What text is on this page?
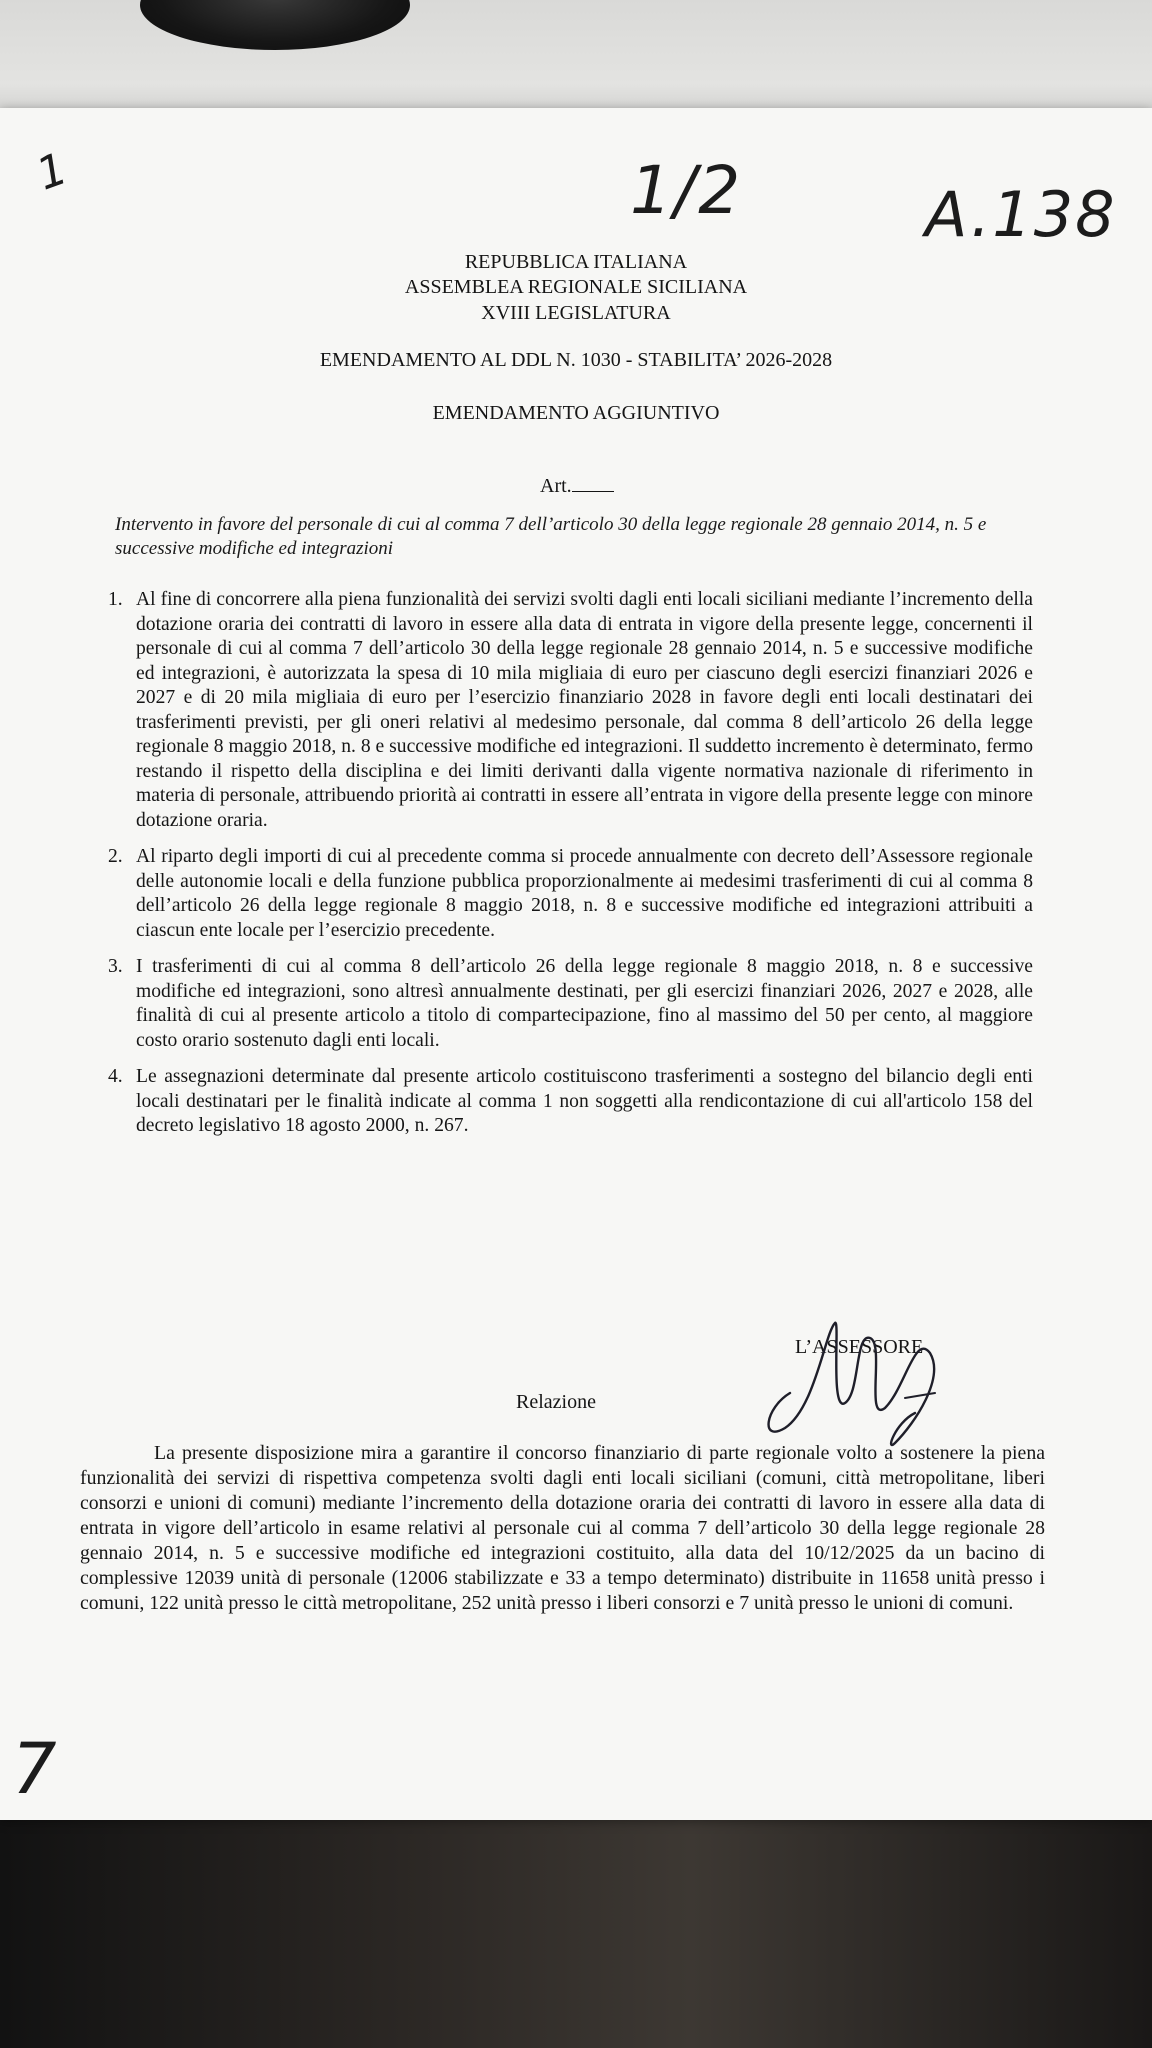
1	1/2	A.138
7
REPUBBLICA ITALIANA
ASSEMBLEA REGIONALE SICILIANA
XVIII LEGISLATURA
EMENDAMENTO AL DDL N. 1030 - STABILITA’ 2026-2028
EMENDAMENTO AGGIUNTIVO
Art.
Intervento in favore del personale di cui al comma 7 dell’articolo 30 della legge regionale 28 gennaio 2014, n. 5 e successive modifiche ed integrazioni
1. Al fine di concorrere alla piena funzionalità dei servizi svolti dagli enti locali siciliani mediante l’incremento della dotazione oraria dei contratti di lavoro in essere alla data di entrata in vigore della presente legge, concernenti il personale di cui al comma 7 dell’articolo 30 della legge regionale 28 gennaio 2014, n. 5 e successive modifiche ed integrazioni, è autorizzata la spesa di 10 mila migliaia di euro per ciascuno degli esercizi finanziari 2026 e 2027 e di 20 mila migliaia di euro per l’esercizio finanziario 2028 in favore degli enti locali destinatari dei trasferimenti previsti, per gli oneri relativi al medesimo personale, dal comma 8 dell’articolo 26 della legge regionale 8 maggio 2018, n. 8 e successive modifiche ed integrazioni. Il suddetto incremento è determinato, fermo restando il rispetto della disciplina e dei limiti derivanti dalla vigente normativa nazionale di riferimento in materia di personale, attribuendo priorità ai contratti in essere all’entrata in vigore della presente legge con minore dotazione oraria.
2. Al riparto degli importi di cui al precedente comma si procede annualmente con decreto dell’Assessore regionale delle autonomie locali e della funzione pubblica proporzionalmente ai medesimi trasferimenti di cui al comma 8 dell’articolo 26 della legge regionale 8 maggio 2018, n. 8 e successive modifiche ed integrazioni attribuiti a ciascun ente locale per l’esercizio precedente.
3. I trasferimenti di cui al comma 8 dell’articolo 26 della legge regionale 8 maggio 2018, n. 8 e successive modifiche ed integrazioni, sono altresì annualmente destinati, per gli esercizi finanziari 2026, 2027 e 2028, alle finalità di cui al presente articolo a titolo di compartecipazione, fino al massimo del 50 per cento, al maggiore costo orario sostenuto dagli enti locali.
4. Le assegnazioni determinate dal presente articolo costituiscono trasferimenti a sostegno del bilancio degli enti locali destinatari per le finalità indicate al comma 1 non soggetti alla rendicontazione di cui all'articolo 158 del decreto legislativo 18 agosto 2000, n. 267.
L’ASSESSORE
Relazione
La presente disposizione mira a garantire il concorso finanziario di parte regionale volto a sostenere la piena funzionalità dei servizi di rispettiva competenza svolti dagli enti locali siciliani (comuni, città metropolitane, liberi consorzi e unioni di comuni) mediante l’incremento della dotazione oraria dei contratti di lavoro in essere alla data di entrata in vigore dell’articolo in esame relativi al personale cui al comma 7 dell’articolo 30 della legge regionale 28 gennaio 2014, n. 5 e successive modifiche ed integrazioni costituito, alla data del 10/12/2025 da un bacino di complessive 12039 unità di personale (12006 stabilizzate e 33 a tempo determinato) distribuite in 11658 unità presso i comuni, 122 unità presso le città metropolitane, 252 unità presso i liberi consorzi e 7 unità presso le unioni di comuni.
